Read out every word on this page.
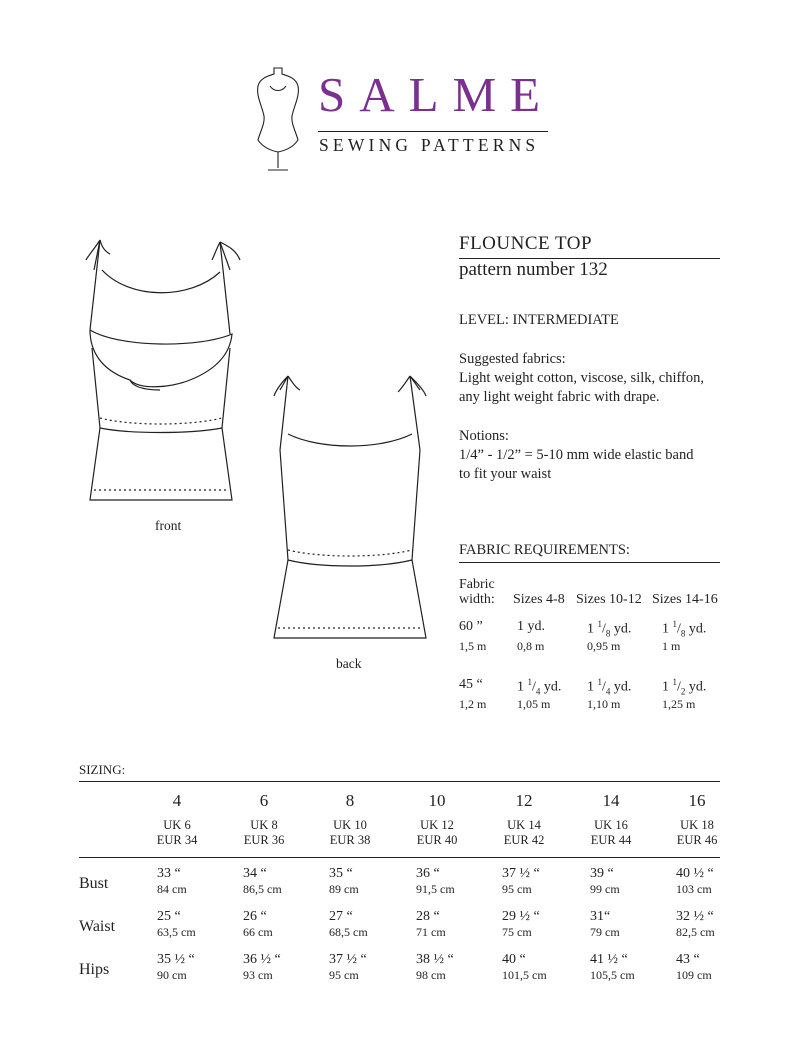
SALME
SEWING PATTERNS
front
back
FLOUNCE TOP
pattern number 132
LEVEL: INTERMEDIATE
Suggested fabrics:
Light weight cotton, viscose, silk, chiffon,
any light weight fabric with drape.
Notions:
1/4” - 1/2” = 5-10 mm wide elastic band
to fit your waist
FABRIC REQUIREMENTS:
Fabric
width: Sizes 4-8 Sizes 10-12 Sizes 14-16
60 ”
1,5 m
1 yd.
0,8 m
1 $^1/_8$ yd.
0,95 m
1 $^1/_8$ yd.
1 m
45 “
1,2 m
1 $^1/_4$ yd.
1,05 m
1 $^1/_4$ yd.
1,10 m
1 $^1/_2$ yd.
1,25 m
SIZING:
4
UK 6
EUR 34
6
UK 8
EUR 36
8
UK 10
EUR 38
10
UK 12
EUR 40
12
UK 14
EUR 42
14
UK 16
EUR 44
16
UK 18
EUR 46
Bust
33 “
84 cm
34 “
86,5 cm
35 “
89 cm
36 “
91,5 cm
37 ½ “
95 cm
39 “
99 cm
40 ½ “
103 cm
Waist
25 “
63,5 cm
26 “
66 cm
27 “
68,5 cm
28 “
71 cm
29 ½ “
75 cm
31“
79 cm
32 ½ “
82,5 cm
Hips
35 ½ “
90 cm
36 ½ “
93 cm
37 ½ “
95 cm
38 ½ “
98 cm
40 “
101,5 cm
41 ½ “
105,5 cm
43 “
109 cm
